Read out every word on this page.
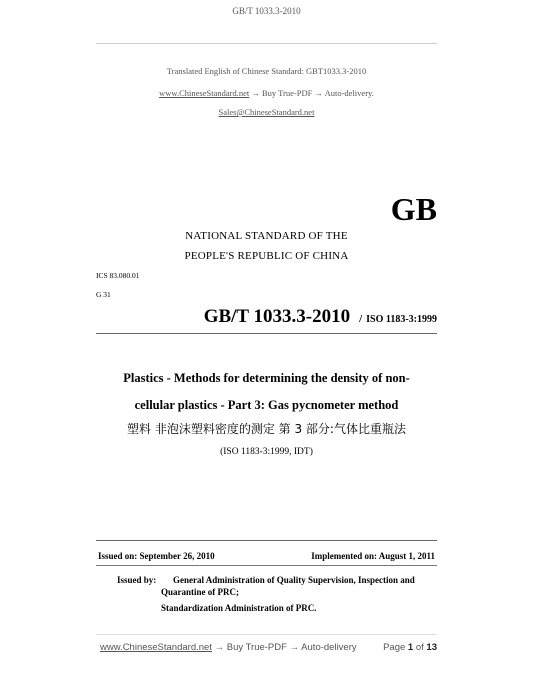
GB/T 1033.3-2010
Translated English of Chinese Standard: GBT1033.3-2010
www.ChineseStandard.net → Buy True-PDF → Auto-delivery.
Sales@ChineseStandard.net
GB
NATIONAL STANDARD OF THE
PEOPLE'S REPUBLIC OF CHINA
ICS 83.080.01
G 31
GB/T 1033.3-2010 / ISO 1183-3:1999
Plastics - Methods for determining the density of non-
cellular plastics - Part 3: Gas pycnometer method
塑料 非泡沫塑料密度的测定 第 3 部分:气体比重瓶法
(ISO 1183-3:1999, IDT)
Issued on: September 26, 2010	Implemented on: August 1, 2011
Issued by: General Administration of Quality Supervision, Inspection and
Quarantine of PRC;
Standardization Administration of PRC.
www.ChineseStandard.net → Buy True-PDF → Auto-delivery	Page 1 of 13
